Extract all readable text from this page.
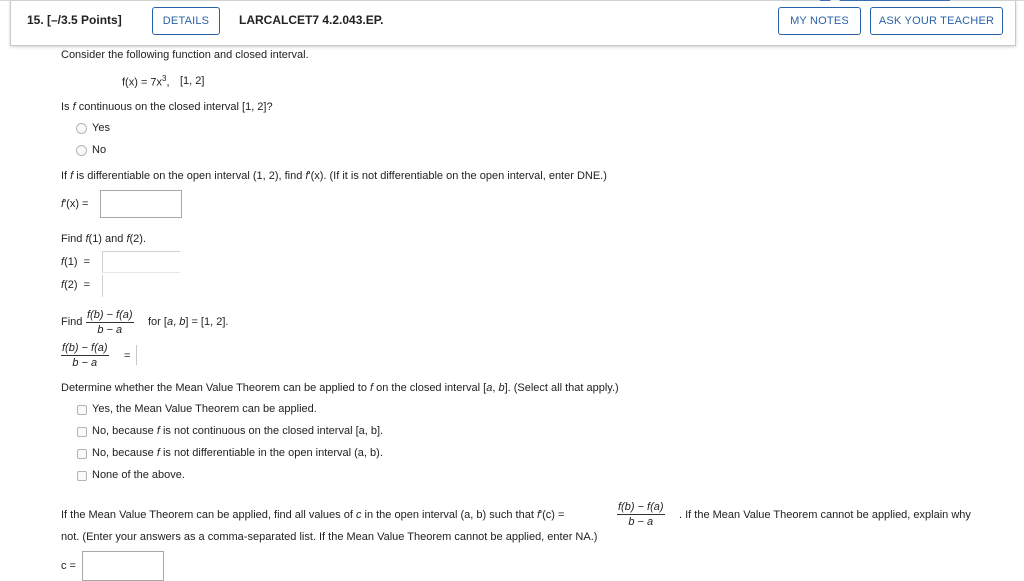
15. [–/3.5 Points]	DETAILS	LARCALCET7 4.2.043.EP.	MY NOTES	ASK YOUR TEACHER
Consider the following function and closed interval.
$f(x) = 7x^3$, [1, 2]
Is f continuous on the closed interval [1, 2]?
Yes
No
If f is differentiable on the open interval (1, 2), find f'(x). (If it is not differentiable on the open interval, enter DNE.)
f'(x) =
Find f(1) and f(2).
f(1)  =
f(2)  =
Find $\frac{f(b) - f(a)}{b - a}$ for [a, b] = [1, 2].
$\frac{f(b) - f(a)}{b - a}$ =
Determine whether the Mean Value Theorem can be applied to f on the closed interval [a, b]. (Select all that apply.)
Yes, the Mean Value Theorem can be applied.
No, because f is not continuous on the closed interval [a, b].
No, because f is not differentiable in the open interval (a, b).
None of the above.
If the Mean Value Theorem can be applied, find all values of c in the open interval (a, b) such that f'(c) =	$\frac{f(b) - f(a)}{b - a}$ . If the Mean Value Theorem cannot be applied, explain why
not. (Enter your answers as a comma-separated list. If the Mean Value Theorem cannot be applied, enter NA.)
c =
